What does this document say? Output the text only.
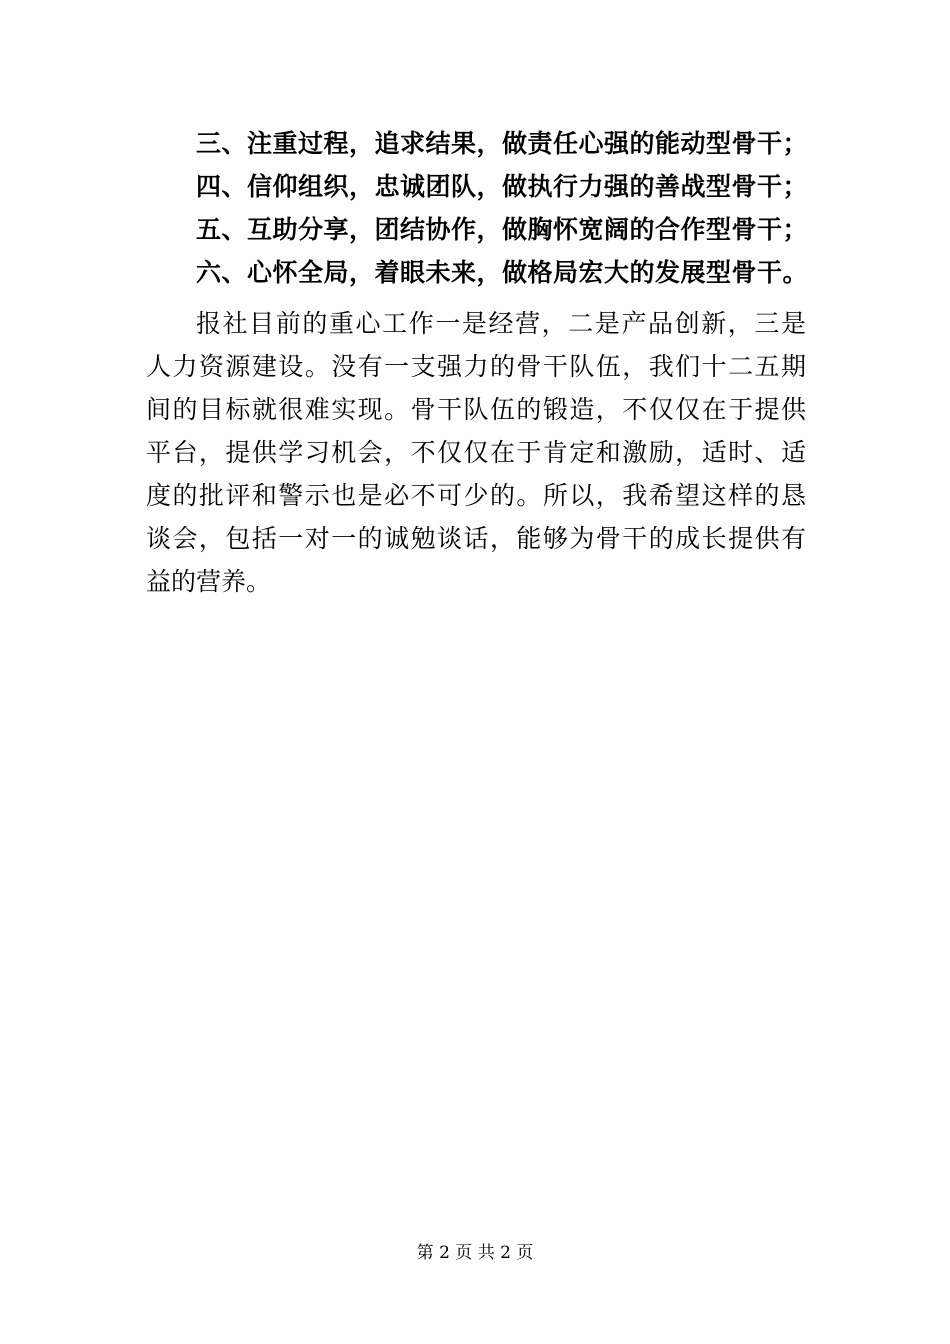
三、注重过程，追求结果，做责任心强的能动型骨干；
四、信仰组织，忠诚团队，做执行力强的善战型骨干；
五、互助分享，团结协作，做胸怀宽阔的合作型骨干；
六、心怀全局，着眼未来，做格局宏大的发展型骨干。
报社目前的重心工作一是经营，二是产品创新，三是
人力资源建设。没有一支强力的骨干队伍，我们十二五期
间的目标就很难实现。骨干队伍的锻造，不仅仅在于提供
平台，提供学习机会，不仅仅在于肯定和激励，适时、适
度的批评和警示也是必不可少的。所以，我希望这样的恳
谈会，包括一对一的诚勉谈话，能够为骨干的成长提供有
益的营养。
第 2 页 共 2 页
